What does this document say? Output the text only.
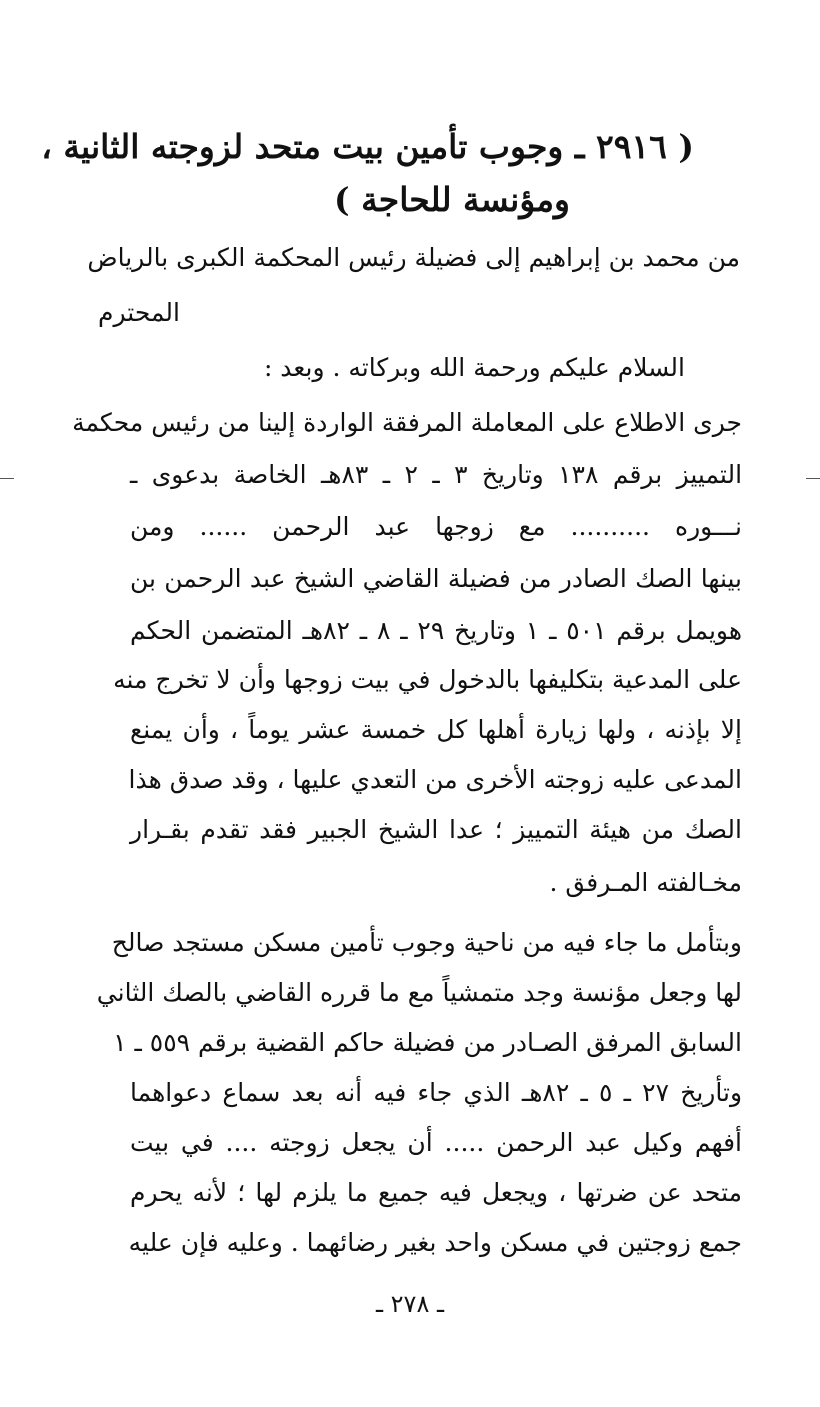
( ٢٩١٦ ـ وجوب تأمين بيت متحد لزوجته الثانية ،
ومؤنسة للحاجة )
من محمد بن إبراهيم إلى فضيلة رئيس المحكمة الكبرى بالرياض
المحترم
السلام عليكم ورحمة الله وبركاته . وبعد :
جرى الاطلاع على المعاملة المرفقة الواردة إلينا من رئيس محكمة
التمييز برقم ١٣٨ وتاريخ ٣ ـ ٢ ـ ٨٣هـ الخاصة بدعوى ـ
نـــوره .......... مع زوجها عبد الرحمن ...... ومن
بينها الصك الصادر من فضيلة القاضي الشيخ عبد الرحمن بن
هويمل برقم ٥٠١ ـ ١ وتاريخ ٢٩ ـ ٨ ـ ٨٢هـ المتضمن الحكم
على المدعية بتكليفها بالدخول في بيت زوجها وأن لا تخرج منه
إلا بإذنه ، ولها زيارة أهلها كل خمسة عشر يوماً ، وأن يمنع
المدعى عليه زوجته الأخرى من التعدي عليها ، وقد صدق هذا
الصك من هيئة التمييز ؛ عدا الشيخ الجبير فقد تقدم بقـرار
مخـالفته المـرفق .
وبتأمل ما جاء فيه من ناحية وجوب تأمين مسكن مستجد صالح
لها وجعل مؤنسة وجد متمشياً مع ما قرره القاضي بالصك الثاني
السابق المرفق الصـادر من فضيلة حاكم القضية برقم ٥٥٩ ـ ١
وتأريخ ٢٧ ـ ٥ ـ ٨٢هـ الذي جاء فيه أنه بعد سماع دعواهما
أفهم وكيل عبد الرحمن ..... أن يجعل زوجته .... في بيت
متحد عن ضرتها ، ويجعل فيه جميع ما يلزم لها ؛ لأنه يحرم
جمع زوجتين في مسكن واحد بغير رضائهما . وعليه فإن عليه
ـ ٢٧٨ ـ
